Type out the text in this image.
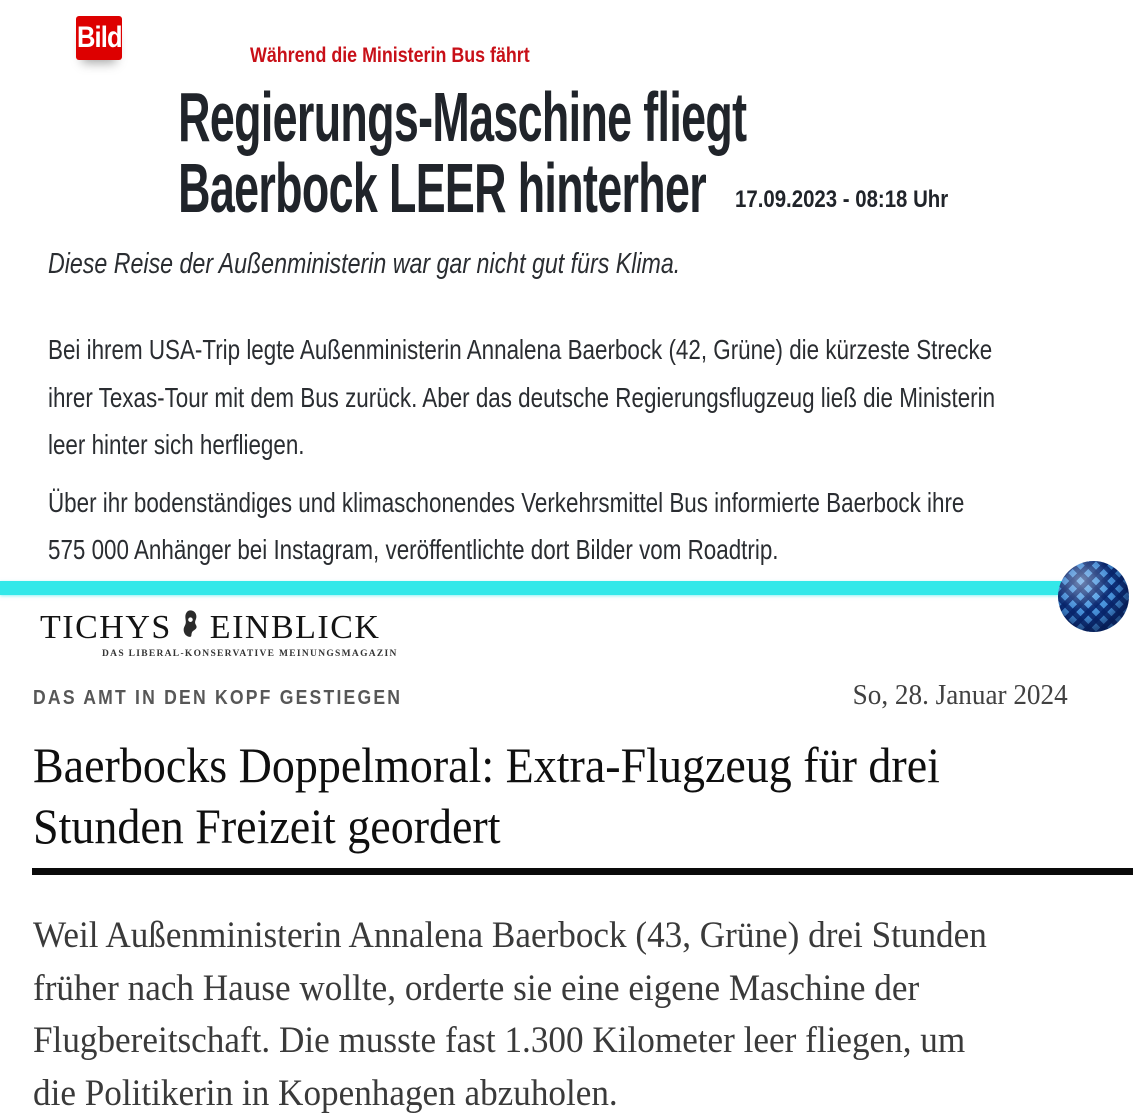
Bild
Während die Ministerin Bus fährt
Regierungs-Maschine fliegt
Baerbock LEER hinterher 17.09.2023 - 08:18 Uhr
Diese Reise der Außenministerin war gar nicht gut fürs Klima.
Bei ihrem USA-Trip legte Außenministerin Annalena Baerbock (42, Grüne) die kürzeste Strecke
ihrer Texas-Tour mit dem Bus zurück. Aber das deutsche Regierungsflugzeug ließ die Ministerin
leer hinter sich herfliegen.
Über ihr bodenständiges und klimaschonendes Verkehrsmittel Bus informierte Baerbock ihre
575 000 Anhänger bei Instagram, veröffentlichte dort Bilder vom Roadtrip.
TICHYS EINBLICK
DAS LIBERAL-KONSERVATIVE MEINUNGSMAGAZIN
DAS AMT IN DEN KOPF GESTIEGEN	So, 28. Januar 2024
Baerbocks Doppelmoral: Extra-Flugzeug für drei
Stunden Freizeit geordert
Weil Außenministerin Annalena Baerbock (43, Grüne) drei Stunden
früher nach Hause wollte, orderte sie eine eigene Maschine der
Flugbereitschaft. Die musste fast 1.300 Kilometer leer fliegen, um
die Politikerin in Kopenhagen abzuholen.
